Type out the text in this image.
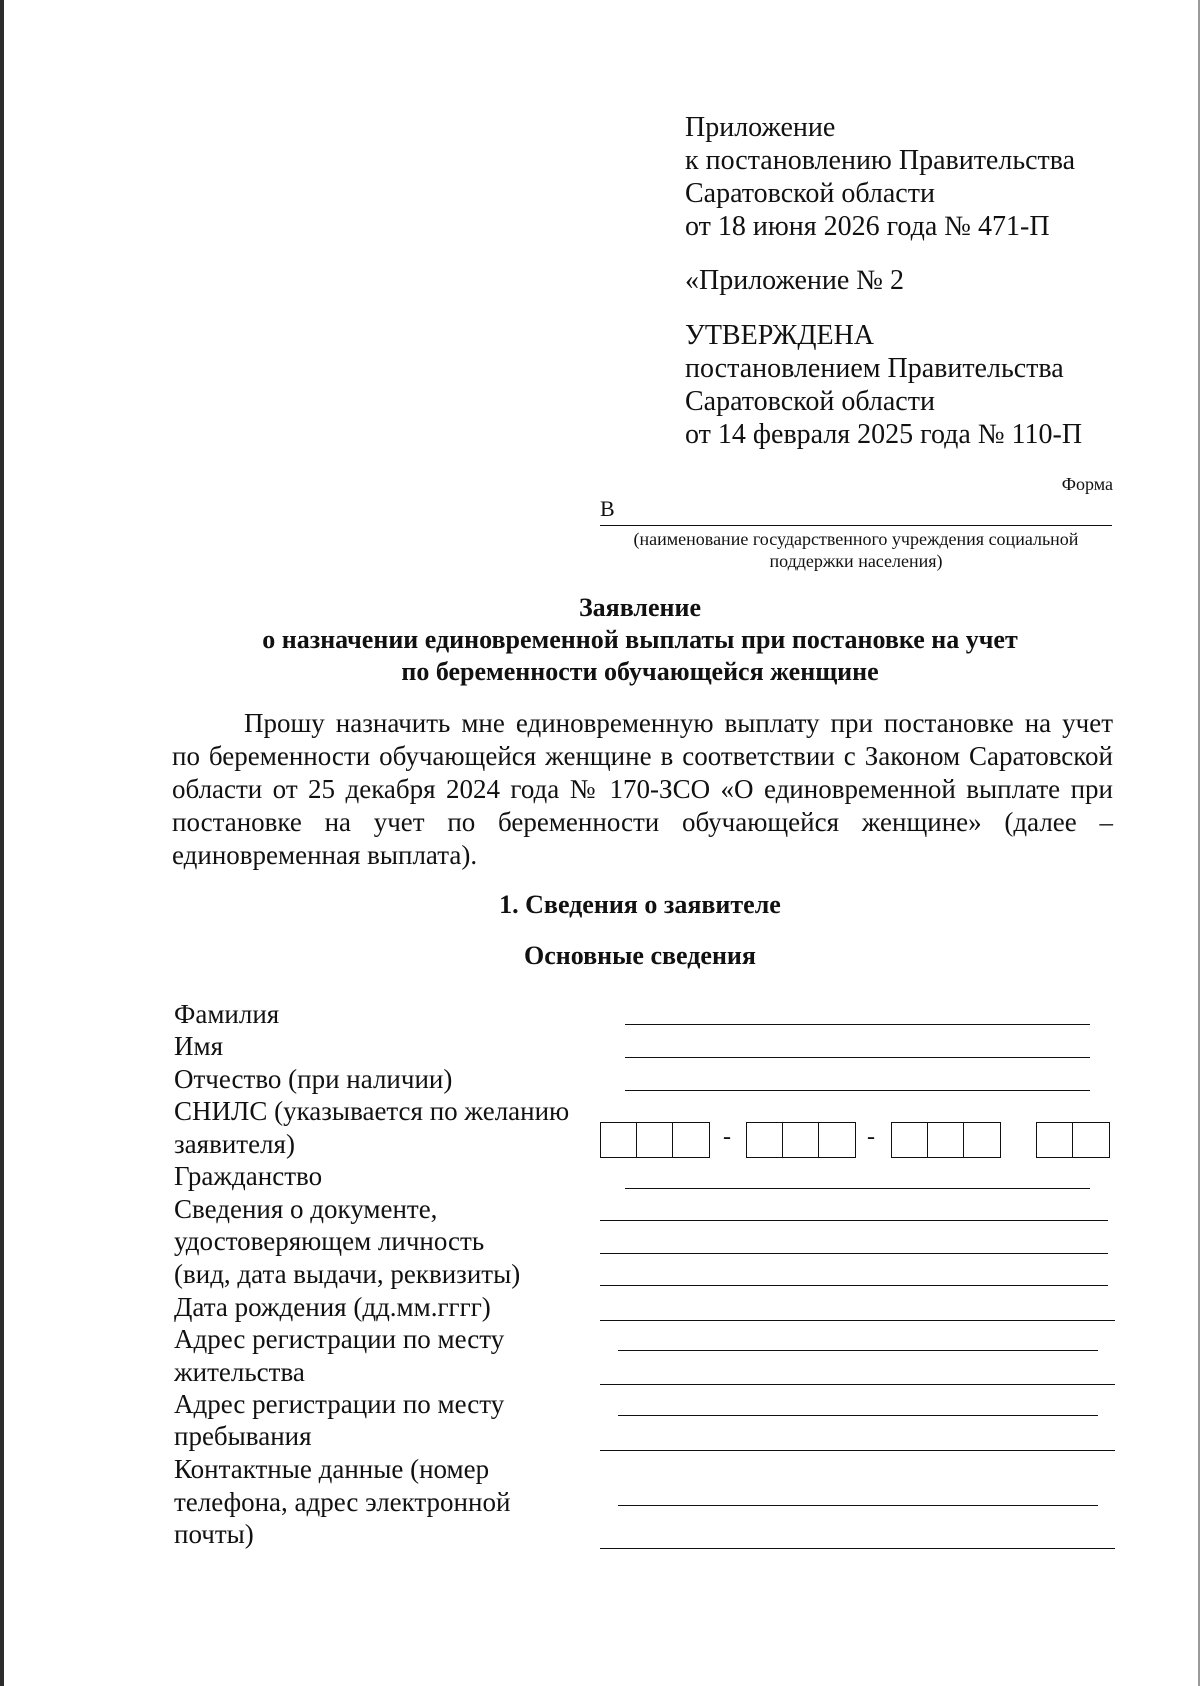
Приложение
к постановлению Правительства
Саратовской области
от 18 июня 2026 года № 471-П
«Приложение № 2
УТВЕРЖДЕНА
постановлением Правительства
Саратовской области
от 14 февраля 2025 года № 110-П
Форма
В
(наименование государственного учреждения социальной
поддержки населения)
Заявление
о назначении единовременной выплаты при постановке на учет
по беременности обучающейся женщине

Прошу назначить мне единовременную выплату при постановке на учет по беременности обучающейся женщине в соответствии с Законом Саратовской области от 25 декабря 2024 года № 170-ЗСО «О единовременной выплате при постановке на учет по беременности обучающейся женщине» (далее – единовременная выплата).

1. Сведения о заявителе
Основные сведения
Фамилия
Имя
Отчество (при наличии)
СНИЛС (указывается по желанию
заявителя)
Гражданство
Сведения о документе,
удостоверяющем личность
(вид, дата выдачи, реквизиты)
Дата рождения (дд.мм.гггг)
Адрес регистрации по месту
жительства
Адрес регистрации по месту
пребывания
Контактные данные (номер
телефона, адрес электронной
почты)
-	-
